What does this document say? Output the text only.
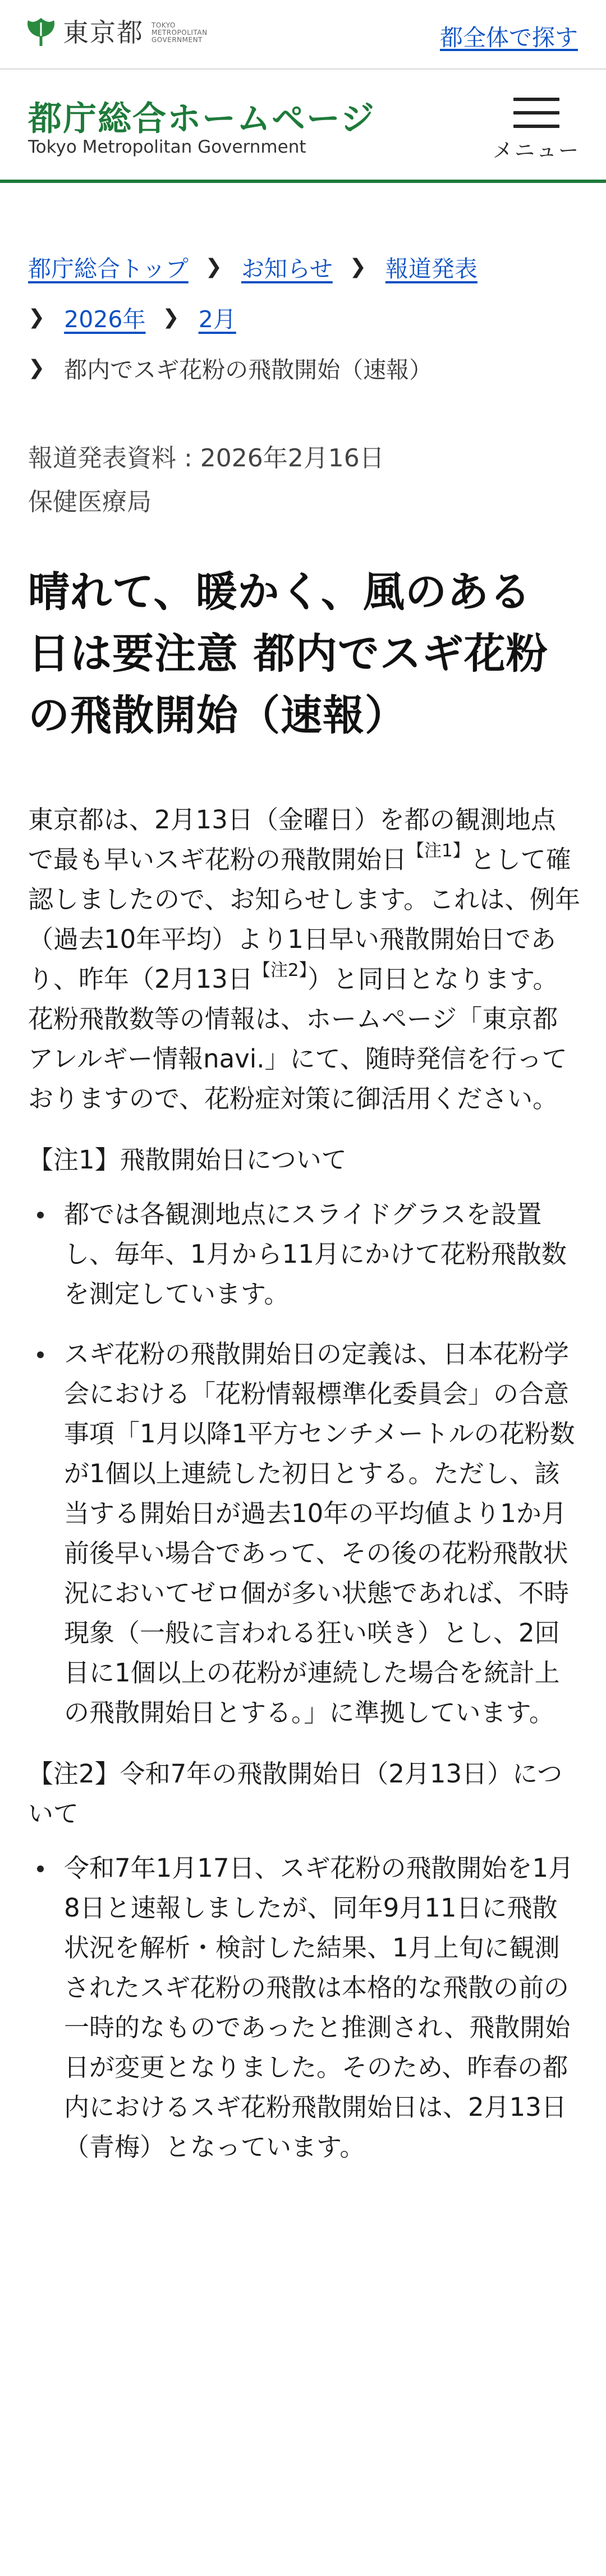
東京都 TOKYO
METROPOLITAN
GOVERNMENT	都全体で探す
都庁総合ホームページ
Tokyo Metropolitan Government	メニュー
都庁総合トップ ❯ お知らせ ❯ 報道発表
❯ 2026年 ❯ 2月
❯ 都内でスギ花粉の飛散開始（速報）
報道発表資料 : 2026年2月16日
保健医療局
晴れて、暖かく、風のある日は要注意 都内でスギ花粉の飛散開始（速報）

東京都は、2月13日（金曜日）を都の観測地点で最も早いスギ花粉の飛散開始日$^{【注1】}$として確認しましたので、お知らせします。これは、例年（過去10年平均）より1日早い飛散開始日であり、昨年（2月13日$^{【注2】}$）と同日となります。

花粉飛散数等の情報は、ホームページ「東京都アレルギー情報navi.」にて、随時発信を行っておりますので、花粉症対策に御活用ください。

【注1】飛散開始日について

都では各観測地点にスライドグラスを設置し、毎年、1月から11月にかけて花粉飛散数を測定しています。
スギ花粉の飛散開始日の定義は、日本花粉学会における「花粉情報標準化委員会」の合意事項「1月以降1平方センチメートルの花粉数が1個以上連続した初日とする。ただし、該当する開始日が過去10年の平均値より1か月前後早い場合であって、その後の花粉飛散状況においてゼロ個が多い状態であれば、不時現象（一般に言われる狂い咲き）とし、2回目に1個以上の花粉が連続した場合を統計上の飛散開始日とする。」に準拠しています。

【注2】令和7年の飛散開始日（2月13日）について

令和7年1月17日、スギ花粉の飛散開始を1月8日と速報しましたが、同年9月11日に飛散状況を解析・検討した結果、1月上旬に観測されたスギ花粉の飛散は本格的な飛散の前の一時的なものであったと推測され、飛散開始日が変更となりました。そのため、昨春の都内におけるスギ花粉飛散開始日は、2月13日（青梅）となっています。
